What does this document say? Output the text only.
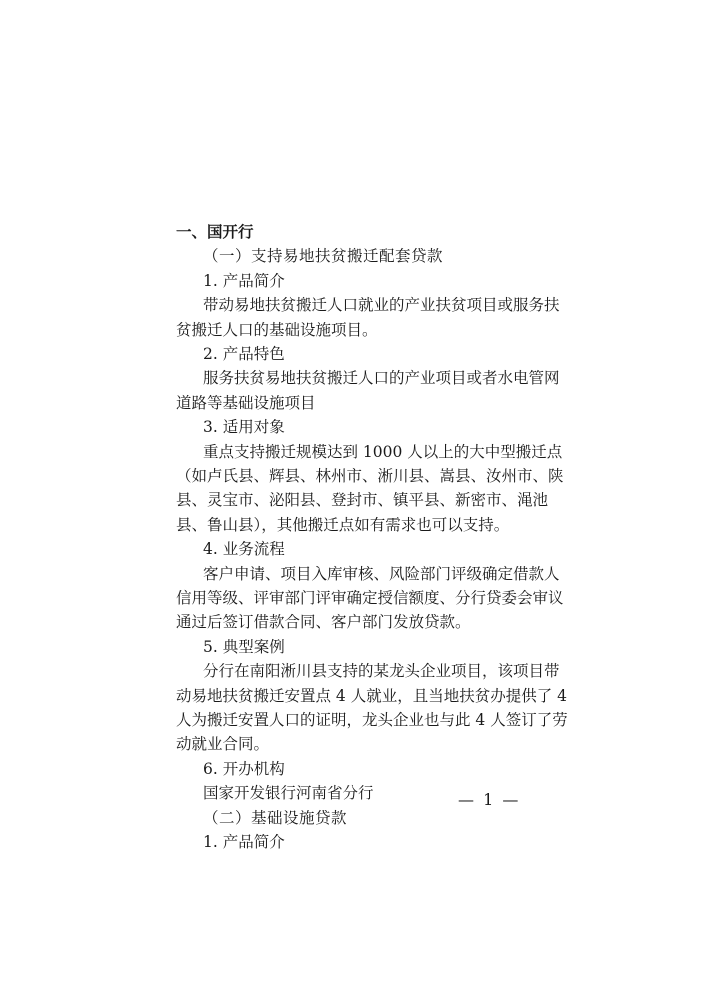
一、国开行
（一）支持易地扶贫搬迁配套贷款
1. 产品简介
带动易地扶贫搬迁人口就业的产业扶贫项目或服务扶
贫搬迁人口的基础设施项目。
2. 产品特色
服务扶贫易地扶贫搬迁人口的产业项目或者水电管网
道路等基础设施项目
3. 适用对象
重点支持搬迁规模达到 1000 人以上的大中型搬迁点
（如卢氏县、辉县、林州市、淅川县、嵩县、汝州市、陕
县、灵宝市、泌阳县、登封市、镇平县、新密市、渑池
县、鲁山县），其他搬迁点如有需求也可以支持。
4. 业务流程
客户申请、项目入库审核、风险部门评级确定借款人
信用等级、评审部门评审确定授信额度、分行贷委会审议
通过后签订借款合同、客户部门发放贷款。
5. 典型案例
分行在南阳淅川县支持的某龙头企业项目，该项目带
动易地扶贫搬迁安置点 4 人就业，且当地扶贫办提供了 4
人为搬迁安置人口的证明，龙头企业也与此 4 人签订了劳
动就业合同。
6. 开办机构
国家开发银行河南省分行
（二）基础设施贷款
1. 产品简介
— 1 —
